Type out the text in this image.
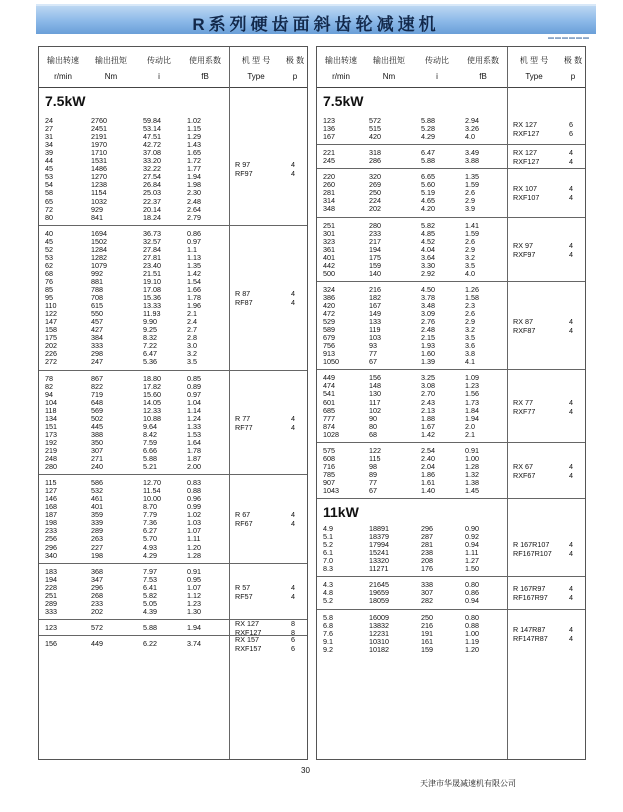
R系列硬齿面斜齿轮减速机
▬▬▬▬▬▬
输出转速
r/min
输出扭矩
Nm
传动比
i
使用系数
fB
机 型 号
Type
极 数
p
7.5kW
24	2760	59.84	1.02
27	2451	53.14	1.15
31	2191	47.51	1.29
34	1970	42.72	1.43
39	1710	37.08	1.65
44	1531	33.20	1.72
45	1486	32.22	1.77
53	1270	27.54	1.94
54	1238	26.84	1.98
58	1154	25.03	2.30
65	1032	22.37	2.48
72	929	20.14	2.64
80	841	18.24	2.79
R 97	4
RF97	4
40	1694	36.73	0.86
45	1502	32.57	0.97
52	1284	27.84	1.1
53	1282	27.81	1.13
62	1079	23.40	1.35
68	992	21.51	1.42
76	881	19.10	1.54
85	788	17.08	1.66
95	708	15.36	1.78
110	615	13.33	1.96
122	550	11.93	2.1
147	457	9.90	2.4
158	427	9.25	2.7
175	384	8.32	2.8
202	333	7.22	3.0
226	298	6.47	3.2
272	247	5.36	3.5
R 87	4
RF87	4
78	867	18.80	0.85
82	822	17.82	0.89
94	719	15.60	0.97
104	648	14.05	1.04
118	569	12.33	1.14
134	502	10.88	1.24
151	445	9.64	1.33
173	388	8.42	1.53
192	350	7.59	1.64
219	307	6.66	1.78
248	271	5.88	1.87
280	240	5.21	2.00
R 77	4
RF77	4
115	586	12.70	0.83
127	532	11.54	0.88
146	461	10.00	0.96
168	401	8.70	0.99
187	359	7.79	1.02
198	339	7.36	1.03
233	289	6.27	1.07
256	263	5.70	1.11
296	227	4.93	1.20
340	198	4.29	1.28
R 67	4
RF67	4
183	368	7.97	0.91
194	347	7.53	0.95
228	296	6.41	1.07
251	268	5.82	1.12
289	233	5.05	1.23
333	202	4.39	1.30
R 57	4
RF57	4
123	572	5.88	1.94	RX 127	8
RXF127	8
156	449	6.22	3.74	RX 157	6
RXF157	6
输出转速
r/min
输出扭矩
Nm
传动比
i
使用系数
fB
机 型 号
Type
极 数
p
7.5kW
123	572	5.88	2.94
136	515	5.28	3.26
167	420	4.29	4.0
RX 127	6
RXF127	6
221	318	6.47	3.49
245	286	5.88	3.88
RX 127	4
RXF127	4
220	320	6.65	1.35
260	269	5.60	1.59
281	250	5.19	2.6
314	224	4.65	2.9
348	202	4.20	3.9
RX 107	4
RXF107	4
251	280	5.82	1.41
301	233	4.85	1.59
323	217	4.52	2.6
361	194	4.04	2.9
401	175	3.64	3.2
442	159	3.30	3.5
500	140	2.92	4.0
RX 97	4
RXF97	4
324	216	4.50	1.26
386	182	3.78	1.58
420	167	3.48	2.3
472	149	3.09	2.6
529	133	2.76	2.9
589	119	2.48	3.2
679	103	2.15	3.5
756	93	1.93	3.6
913	77	1.60	3.8
1050	67	1.39	4.1
RX 87	4
RXF87	4
449	156	3.25	1.09
474	148	3.08	1.23
541	130	2.70	1.56
601	117	2.43	1.73
685	102	2.13	1.84
777	90	1.88	1.94
874	80	1.67	2.0
1028	68	1.42	2.1
RX 77	4
RXF77	4
575	122	2.54	0.91
608	115	2.40	1.00
716	98	2.04	1.28
785	89	1.86	1.32
907	77	1.61	1.38
1043	67	1.40	1.45
RX 67	4
RXF67	4
11kW
4.9	18891	296	0.90
5.1	18379	287	0.92
5.2	17994	281	0.94
6.1	15241	238	1.11
7.0	13320	208	1.27
8.3	11271	176	1.50
R 167R107	4
RF167R107 4
4.3	21645	338	0.80
4.8	19659	307	0.86
5.2	18059	282	0.94
R 167R97	4
RF167R97	4
5.8	16009	250	0.80
6.8	13832	216	0.88
7.6	12231	191	1.00
9.1	10310	161	1.19
9.2	10182	159	1.20
R 147R87	4
RF147R87	4
30
天津市华晟减速机有限公司
